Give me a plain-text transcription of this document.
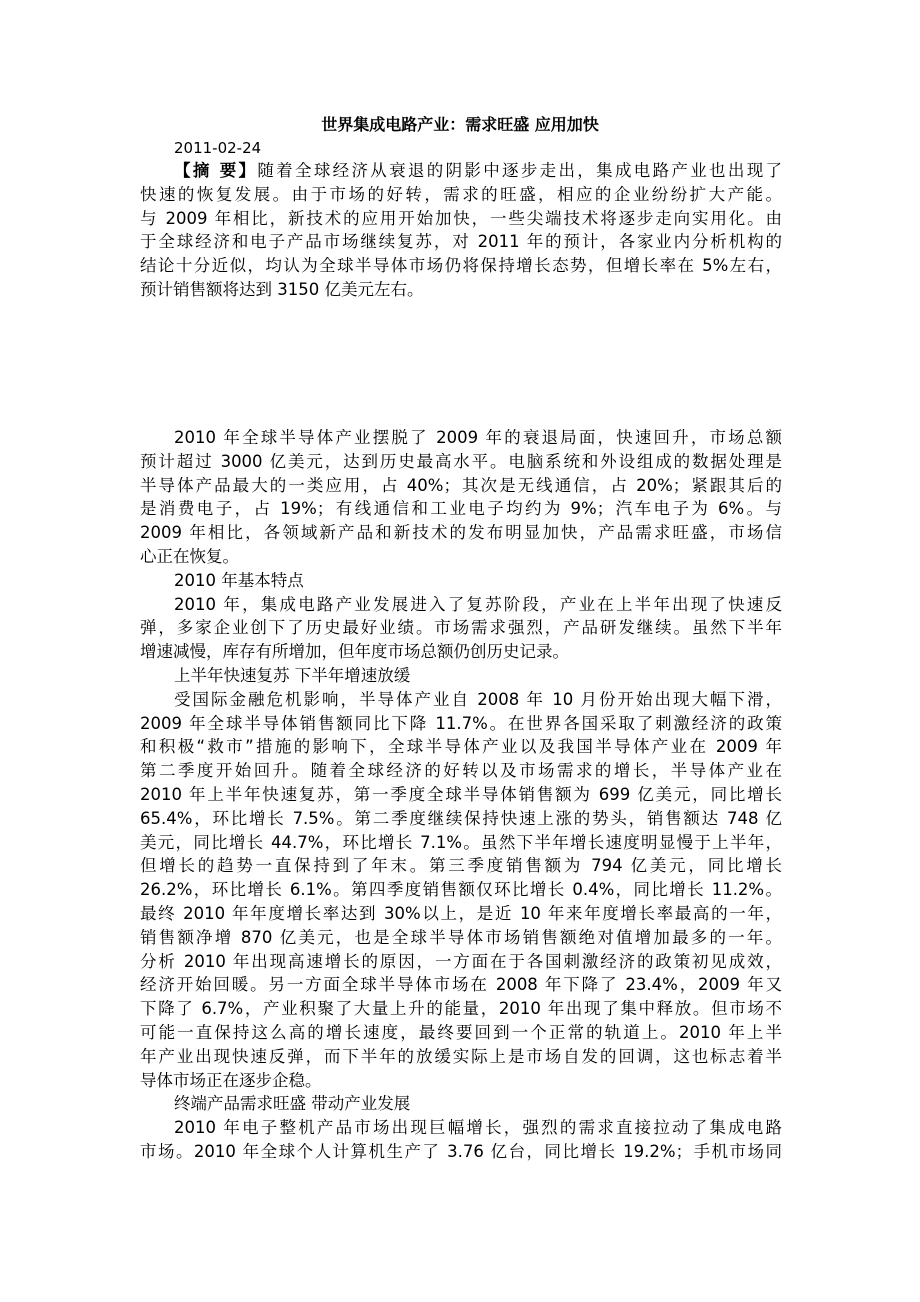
世界集成电路产业：需求旺盛 应用加快

2011-02-24

【摘 要】随着全球经济从衰退的阴影中逐步走出，集成电路产业也出现了
快速的恢复发展。由于市场的好转，需求的旺盛，相应的企业纷纷扩大产能。
与 2009 年相比，新技术的应用开始加快，一些尖端技术将逐步走向实用化。由
于全球经济和电子产品市场继续复苏，对 2011 年的预计，各家业内分析机构的
结论十分近似，均认为全球半导体市场仍将保持增长态势，但增长率在 5%左右，
预计销售额将达到 3150 亿美元左右。
2010 年全球半导体产业摆脱了 2009 年的衰退局面，快速回升，市场总额
预计超过 3000 亿美元，达到历史最高水平。电脑系统和外设组成的数据处理是
半导体产品最大的一类应用，占 40%；其次是无线通信，占 20%；紧跟其后的
是消费电子，占 19%；有线通信和工业电子均约为 9%；汽车电子为 6%。与
2009 年相比，各领域新产品和新技术的发布明显加快，产品需求旺盛，市场信
心正在恢复。
2010 年基本特点
2010 年，集成电路产业发展进入了复苏阶段，产业在上半年出现了快速反
弹，多家企业创下了历史最好业绩。市场需求强烈，产品研发继续。虽然下半年
增速减慢，库存有所增加，但年度市场总额仍创历史记录。
上半年快速复苏 下半年增速放缓
受国际金融危机影响，半导体产业自 2008 年 10 月份开始出现大幅下滑，
2009 年全球半导体销售额同比下降 11.7%。在世界各国采取了刺激经济的政策
和积极“救市”措施的影响下，全球半导体产业以及我国半导体产业在 2009 年
第二季度开始回升。随着全球经济的好转以及市场需求的增长，半导体产业在
2010 年上半年快速复苏，第一季度全球半导体销售额为 699 亿美元，同比增长
65.4%，环比增长 7.5%。第二季度继续保持快速上涨的势头，销售额达 748 亿
美元，同比增长 44.7%，环比增长 7.1%。虽然下半年增长速度明显慢于上半年，
但增长的趋势一直保持到了年末。第三季度销售额为 794 亿美元，同比增长
26.2%，环比增长 6.1%。第四季度销售额仅环比增长 0.4%，同比增长 11.2%。
最终 2010 年年度增长率达到 30%以上，是近 10 年来年度增长率最高的一年，
销售额净增 870 亿美元，也是全球半导体市场销售额绝对值增加最多的一年。
分析 2010 年出现高速增长的原因，一方面在于各国刺激经济的政策初见成效，
经济开始回暖。另一方面全球半导体市场在 2008 年下降了 23.4%，2009 年又
下降了 6.7%，产业积聚了大量上升的能量，2010 年出现了集中释放。但市场不
可能一直保持这么高的增长速度，最终要回到一个正常的轨道上。2010 年上半
年产业出现快速反弹，而下半年的放缓实际上是市场自发的回调，这也标志着半
导体市场正在逐步企稳。
终端产品需求旺盛 带动产业发展
2010 年电子整机产品市场出现巨幅增长，强烈的需求直接拉动了集成电路
市场。2010 年全球个人计算机生产了 3.76 亿台，同比增长 19.2%；手机市场同
